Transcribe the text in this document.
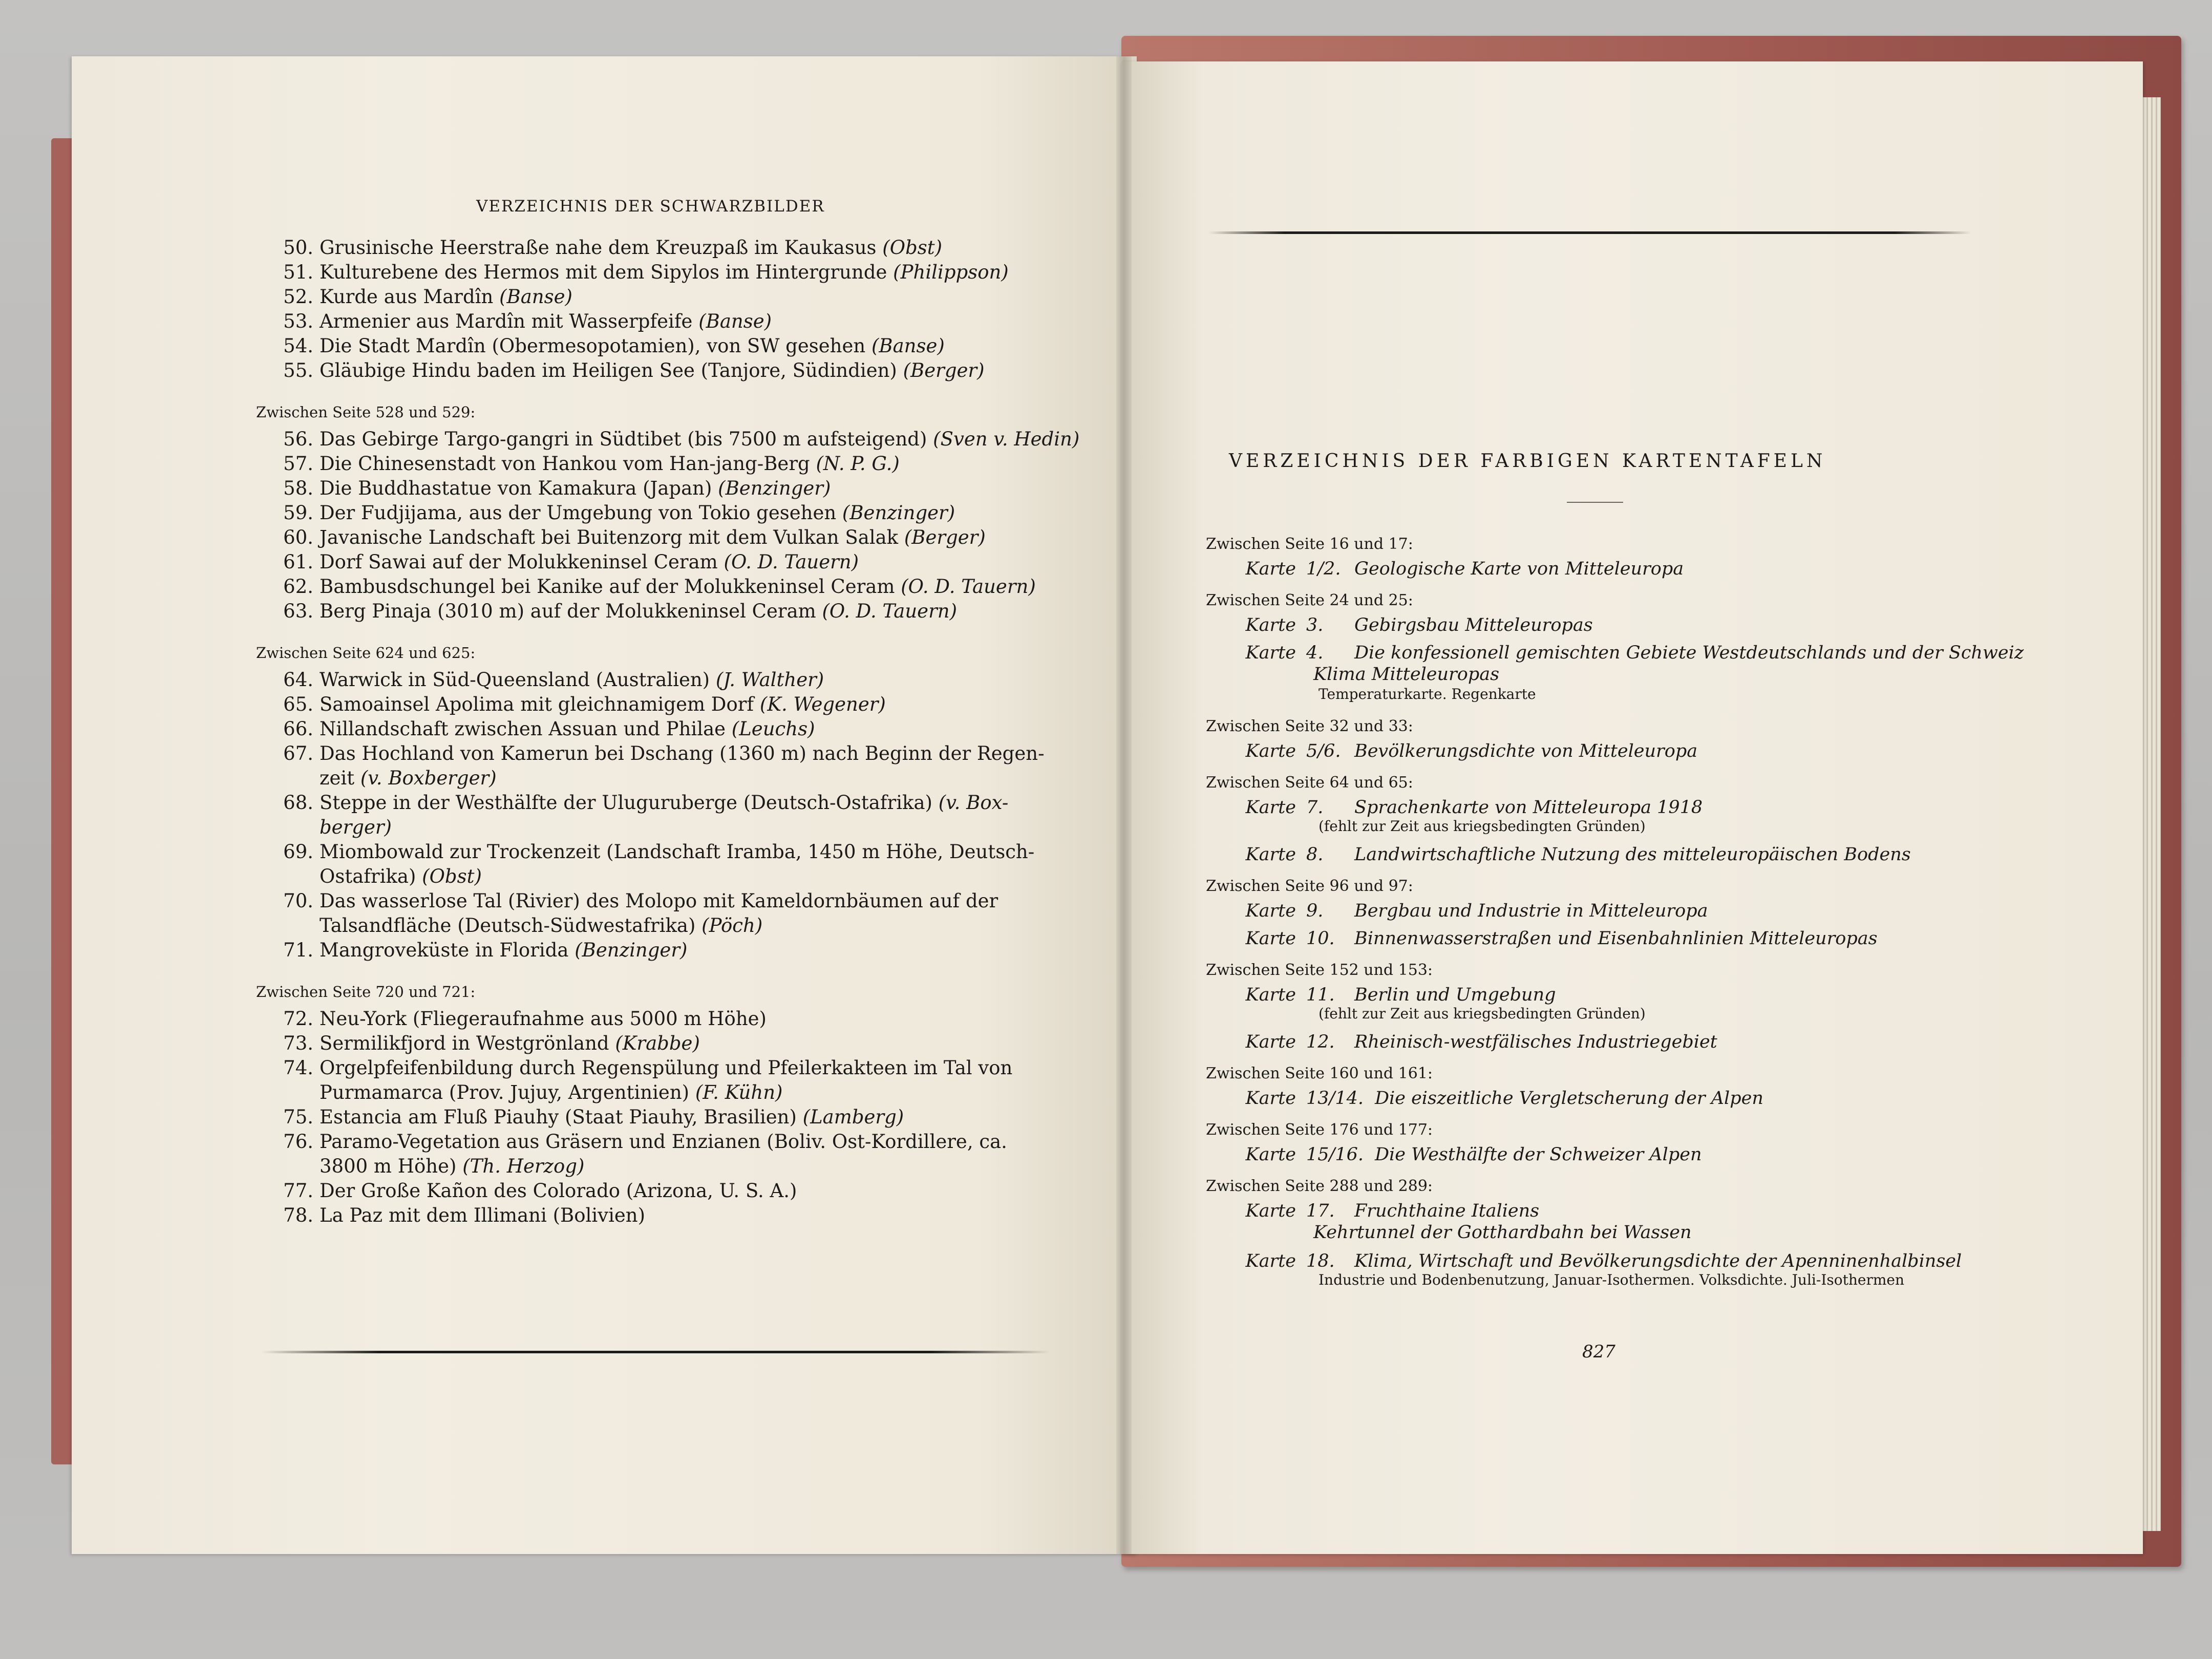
VERZEICHNIS DER SCHWARZBILDER
50. Grusinische Heerstraße nahe dem Kreuzpaß im Kaukasus (Obst)
51. Kulturebene des Hermos mit dem Sipylos im Hintergrunde (Philippson)
52. Kurde aus Mardîn (Banse)
53. Armenier aus Mardîn mit Wasserpfeife (Banse)
54. Die Stadt Mardîn (Obermesopotamien), von SW gesehen (Banse)
55. Gläubige Hindu baden im Heiligen See (Tanjore, Südindien) (Berger)
Zwischen Seite 528 und 529:
56. Das Gebirge Targo-gangri in Südtibet (bis 7500 m aufsteigend) (Sven v. Hedin)
57. Die Chinesenstadt von Hankou vom Han-jang-Berg (N. P. G.)
58. Die Buddhastatue von Kamakura (Japan) (Benzinger)
59. Der Fudjijama, aus der Umgebung von Tokio gesehen (Benzinger)
60. Javanische Landschaft bei Buitenzorg mit dem Vulkan Salak (Berger)
61. Dorf Sawai auf der Molukkeninsel Ceram (O. D. Tauern)
62. Bambusdschungel bei Kanike auf der Molukkeninsel Ceram (O. D. Tauern)
63. Berg Pinaja (3010 m) auf der Molukkeninsel Ceram (O. D. Tauern)
Zwischen Seite 624 und 625:
64. Warwick in Süd-Queensland (Australien) (J. Walther)
65. Samoainsel Apolima mit gleichnamigem Dorf (K. Wegener)
66. Nillandschaft zwischen Assuan und Philae (Leuchs)
67. Das Hochland von Kamerun bei Dschang (1360 m) nach Beginn der Regen-
zeit (v. Boxberger)
68. Steppe in der Westhälfte der Uluguruberge (Deutsch-Ostafrika) (v. Box-
berger)
69. Miombowald zur Trockenzeit (Landschaft Iramba, 1450 m Höhe, Deutsch-
Ostafrika) (Obst)
70. Das wasserlose Tal (Rivier) des Molopo mit Kameldornbäumen auf der
Talsandfläche (Deutsch-Südwestafrika) (Pöch)
71. Mangroveküste in Florida (Benzinger)
Zwischen Seite 720 und 721:
72. Neu-York (Fliegeraufnahme aus 5000 m Höhe)
73. Sermilikfjord in Westgrönland (Krabbe)
74. Orgelpfeifenbildung durch Regenspülung und Pfeilerkakteen im Tal von
Purmamarca (Prov. Jujuy, Argentinien) (F. Kühn)
75. Estancia am Fluß Piauhy (Staat Piauhy, Brasilien) (Lamberg)
76. Paramo-Vegetation aus Gräsern und Enzianen (Boliv. Ost-Kordillere, ca.
3800 m Höhe) (Th. Herzog)
77. Der Große Kañon des Colorado (Arizona, U. S. A.)
78. La Paz mit dem Illimani (Bolivien)
VERZEICHNIS DER FARBIGEN KARTENTAFELN
Zwischen Seite 16 und 17:
Karte 1/2. Geologische Karte von Mitteleuropa
Zwischen Seite 24 und 25:
Karte 3. Gebirgsbau Mitteleuropas
Karte 4. Die konfessionell gemischten Gebiete Westdeutschlands und der Schweiz
Klima Mitteleuropas
Temperaturkarte. Regenkarte
Zwischen Seite 32 und 33:
Karte 5/6. Bevölkerungsdichte von Mitteleuropa
Zwischen Seite 64 und 65:
Karte 7. Sprachenkarte von Mitteleuropa 1918
(fehlt zur Zeit aus kriegsbedingten Gründen)
Karte 8. Landwirtschaftliche Nutzung des mitteleuropäischen Bodens
Zwischen Seite 96 und 97:
Karte 9. Bergbau und Industrie in Mitteleuropa
Karte 10. Binnenwasserstraßen und Eisenbahnlinien Mitteleuropas
Zwischen Seite 152 und 153:
Karte 11. Berlin und Umgebung
(fehlt zur Zeit aus kriegsbedingten Gründen)
Karte 12. Rheinisch-westfälisches Industriegebiet
Zwischen Seite 160 und 161:
Karte 13/14. Die eiszeitliche Vergletscherung der Alpen
Zwischen Seite 176 und 177:
Karte 15/16. Die Westhälfte der Schweizer Alpen
Zwischen Seite 288 und 289:
Karte 17. Fruchthaine Italiens
Kehrtunnel der Gotthardbahn bei Wassen
Karte 18. Klima, Wirtschaft und Bevölkerungsdichte der Apenninenhalbinsel
Industrie und Bodenbenutzung, Januar-Isothermen. Volksdichte. Juli-Isothermen
827
